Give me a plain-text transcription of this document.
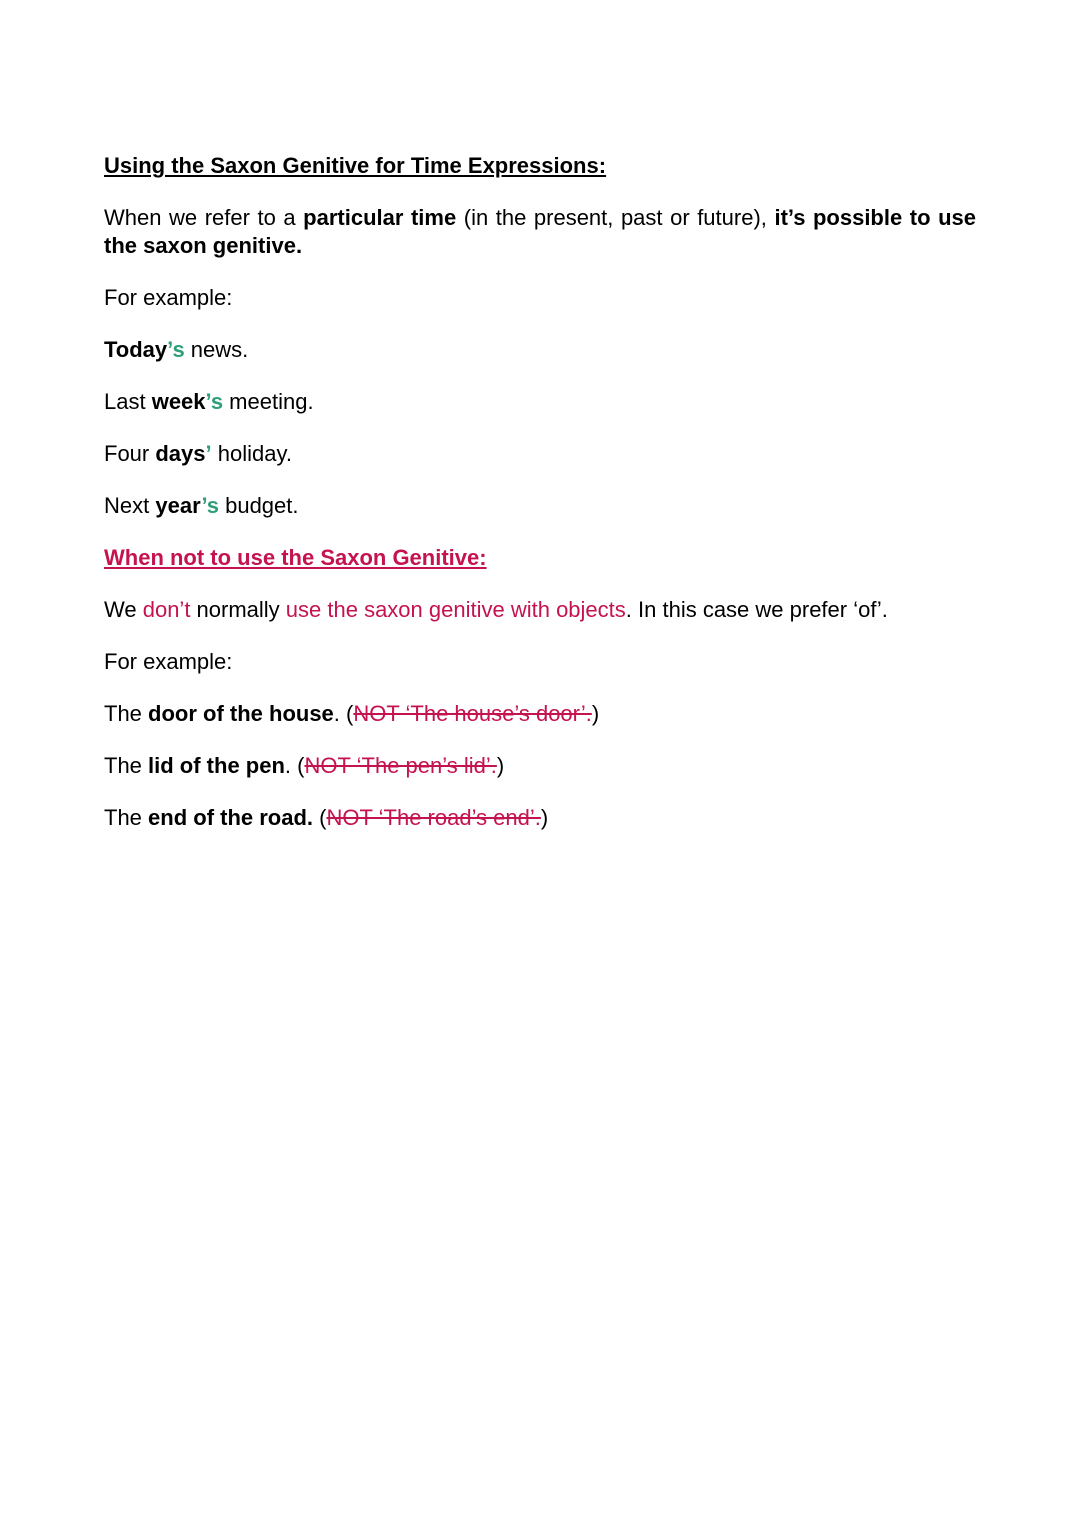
Using the Saxon Genitive for Time Expressions:

When we refer to a particular time (in the present, past or future), it’s possible to use the saxon genitive.

For example:

Today’s news.

Last week’s meeting.

Four days’ holiday.

Next year’s budget.

When not to use the Saxon Genitive:

We don’t normally use the saxon genitive with objects. In this case we prefer ‘of’.

For example:

The door of the house. (NOT ‘The house’s door’.)

The lid of the pen. (NOT ‘The pen’s lid’.)

The end of the road. (NOT ‘The road’s end’.)
